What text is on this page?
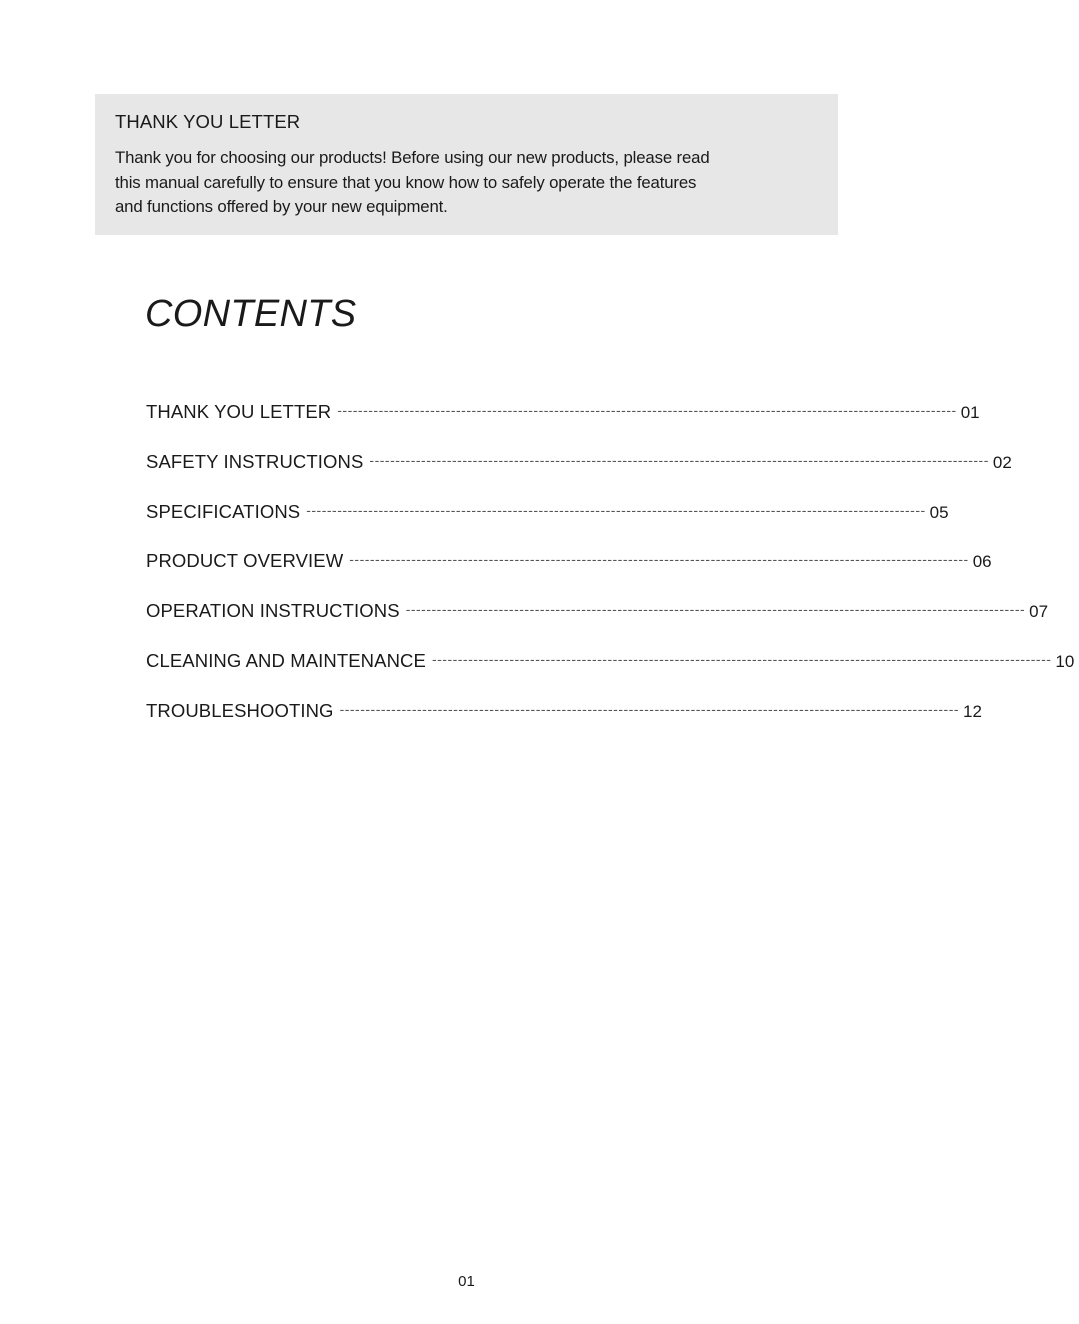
THANK YOU LETTER

Thank you for choosing our products! Before using our new products, please read
this manual carefully to ensure that you know how to safely operate the features
and functions offered by your new equipment.

CONTENTS
THANK YOU LETTER ------------------------------------------------------------------------------------------------------------------------ 01
SAFETY INSTRUCTIONS ------------------------------------------------------------------------------------------------------------------------ 02
SPECIFICATIONS ------------------------------------------------------------------------------------------------------------------------ 05
PRODUCT OVERVIEW ------------------------------------------------------------------------------------------------------------------------ 06
OPERATION INSTRUCTIONS ------------------------------------------------------------------------------------------------------------------------ 07
CLEANING AND MAINTENANCE ------------------------------------------------------------------------------------------------------------------------ 10
TROUBLESHOOTING ------------------------------------------------------------------------------------------------------------------------ 12
01
